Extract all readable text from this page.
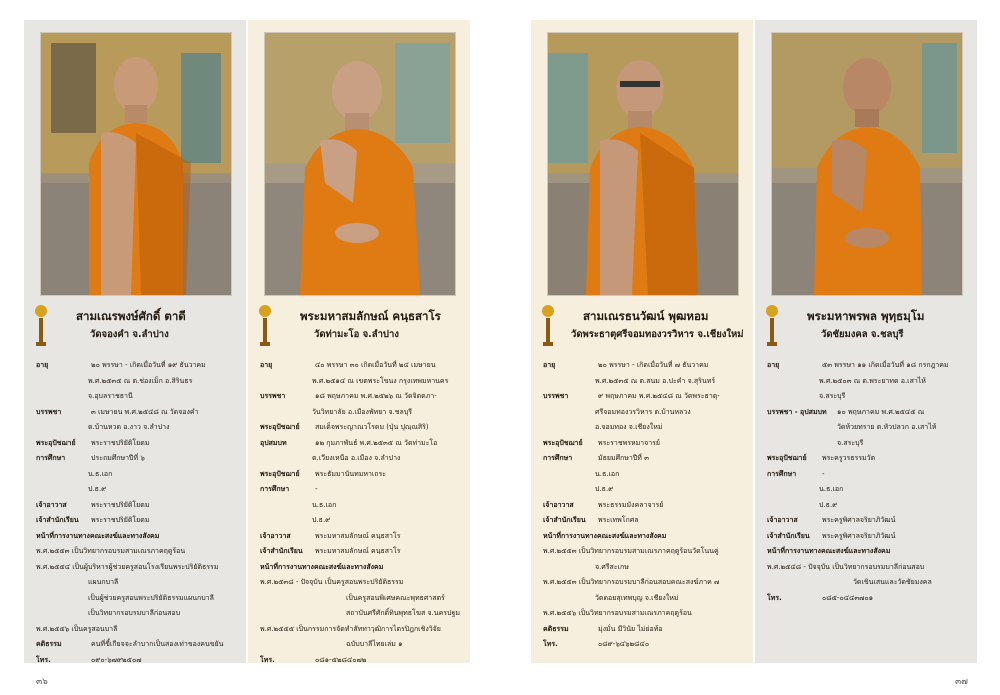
สามเณรพงษ์ศักดิ์ ตาดี
วัดจองคำ จ.ลำปาง
อายุ	๒๐ พรรษา - เกิดเมื่อวันที่ ๑๙ ธันวาคม
พ.ศ.๒๕๓๕ ณ ต.ช่องเม็ก อ.สิรินธร
จ.อุบลราชธานี
บรรพชา	๓ เมษายน พ.ศ.๒๕๔๘ ณ วัดจองคำ
ต.บ้านหวด อ.งาว จ.ลำปาง
พระอุปัชฌาย์	พระราชปริยัติโยดม
การศึกษา	ประถมศึกษาปีที่ ๖
น.ธ.เอก
ป.ธ.๙
เจ้าอาวาส	พระราชปริยัติโยดม
เจ้าสำนักเรียน	พระราชปริยัติโยดม
หน้าที่การงานทางคณะสงฆ์และทางสังคม
พ.ศ.๒๕๕๓ เป็นวิทยากรอบรมสามเณรภาคฤดูร้อน
พ.ศ.๒๕๕๔ เป็นผู้บริหารผู้ช่วยครูสอนโรงเรียนพระปริยัติธรรม
แผนกบาลี
เป็นผู้ช่วยครูสอนพระปริยัติธรรมแผนกบาลี
เป็นวิทยากรอบรมบาลีก่อนสอบ
พ.ศ.๒๕๕๖ เป็นครูสอนบาลี
คติธรรม	คนที่ขี้เกียจจะลำบากเป็นสองเท่าของคนขยัน
โทร.	๐๙๐-๖๗๙๒๕๐๗
พระมหาสมลักษณ์ คนฺธสาโร
วัดท่ามะโอ จ.ลำปาง
อายุ	๔๐ พรรษา ๓๐ เกิดเมื่อวันที่ ๒๔ เมษายน
พ.ศ.๒๕๑๔ ณ เขตพระโขนง กรุงเทพมหานคร
บรรพชา	๑๘ พฤษภาคม พ.ศ.๒๕๒๖ ณ วัดจิตตภา-
วันวิทยาลัย อ.เมืองพัทยา จ.ชลบุรี
พระอุปัชฌาย์	สมเด็จพระญาณวโรดม (ปุ่น ปุณฺณสิริ)
อุปสมบท	๑๒ กุมภาพันธ์ พ.ศ.๒๕๓๕ ณ วัดท่ามะโอ
ต.เวียงเหนือ อ.เมือง จ.ลำปาง
พระอุปัชฌาย์	พระธัมมานันทมหาเถระ
การศึกษา	-
น.ธ.เอก
ป.ธ.๙
เจ้าอาวาส	พระมหาสมลักษณ์ คนฺธสาโร
เจ้าสำนักเรียน	พระมหาสมลักษณ์ คนฺธสาโร
หน้าที่การงานทางคณะสงฆ์และทางสังคม
พ.ศ.๒๕๓๘ - ปัจจุบัน เป็นครูสอนพระปริยัติธรรม
เป็นครูสอนพิเศษคณะพุทธศาสตร์
สถาบันศรีศักดิ์ทินพุทธโฆส จ.นครปฐม
พ.ศ.๒๕๕๕ เป็นกรรมการจัดทำสัททาวุฒิการไตรปิฎกเชิงวิจัย
ฉบับบาลีไทยเล่ม ๑
โทร.	๐๘๑-๕๒๘๔๐๗๒
สามเณรธนวัฒน์ พุฒหอม
วัดพระธาตุศรีจอมทองวรวิหาร จ.เชียงใหม่
อายุ	๒๐ พรรษา - เกิดเมื่อวันที่ ๗ ธันวาคม
พ.ศ.๒๕๓๕ ณ ต.สนม อ.ปะคำ จ.สุรินทร์
บรรพชา	๙ พฤษภาคม พ.ศ.๒๕๔๘ ณ วัดพระธาตุ-
ศรีจอมทองวรวิหาร ต.บ้านหลวง
อ.จอมทอง จ.เชียงใหม่
พระอุปัชฌาย์	พระราชพรหมาจารย์
การศึกษา	มัธยมศึกษาปีที่ ๓
น.ธ.เอก
ป.ธ.๙
เจ้าอาวาส	พระธรรมมังคลาจารย์
เจ้าสำนักเรียน	พระเทพโกศล
หน้าที่การงานทางคณะสงฆ์และทางสังคม
พ.ศ.๒๕๕๓ เป็นวิทยากรอบรมสามเณรภาคฤดูร้อนวัดโนนคู่
จ.ศรีสะเกษ
พ.ศ.๒๕๕๓ เป็นวิทยากรอบรมบาลีก่อนสอบคณะสงฆ์ภาค ๗
วัดดอยสุเทพบุญ จ.เชียงใหม่
พ.ศ.๒๕๕๖ เป็นวิทยากรอบรมสามเณรภาคฤดูร้อน
คติธรรม	มุ่งมั่น มีวินัย ไม่ย่อท้อ
โทร.	๐๘๙-๖๔๖๒๘๔๐
พระมหาพรพล พุทฺธมฺโม
วัดชัยมงคล จ.ชลบุรี
อายุ	๕๓ พรรษา ๑๑ เกิดเมื่อวันที่ ๑๘ กรกฎาคม
พ.ศ.๒๕๐๓ ณ ต.พระยาทด อ.เสาไห้
จ.สระบุรี
บรรพชา - อุปสมบท	๑๐ พฤษภาคม พ.ศ.๒๕๔๕ ณ
วัดห้วยทราย ต.หัวปลวก อ.เสาไห้
จ.สระบุรี
พระอุปัชฌาย์	พระครูวรธรรมวัต
การศึกษา	-
น.ธ.เอก
ป.ธ.๙
เจ้าอาวาส	พระครูพิศาลจริยาภิวัฒน์
เจ้าสำนักเรียน	พระครูพิศาลจริยาภิวัฒน์
หน้าที่การงานทางคณะสงฆ์และทางสังคม
พ.ศ.๒๕๔๘ - ปัจจุบัน เป็นวิทยากรอบรมบาลีก่อนสอบ
วัดเขินเสนและวัดชัยมงคล
โทร.	๐๘๕-๐๔๔๓๗๐๑
๓๖	๓๗
